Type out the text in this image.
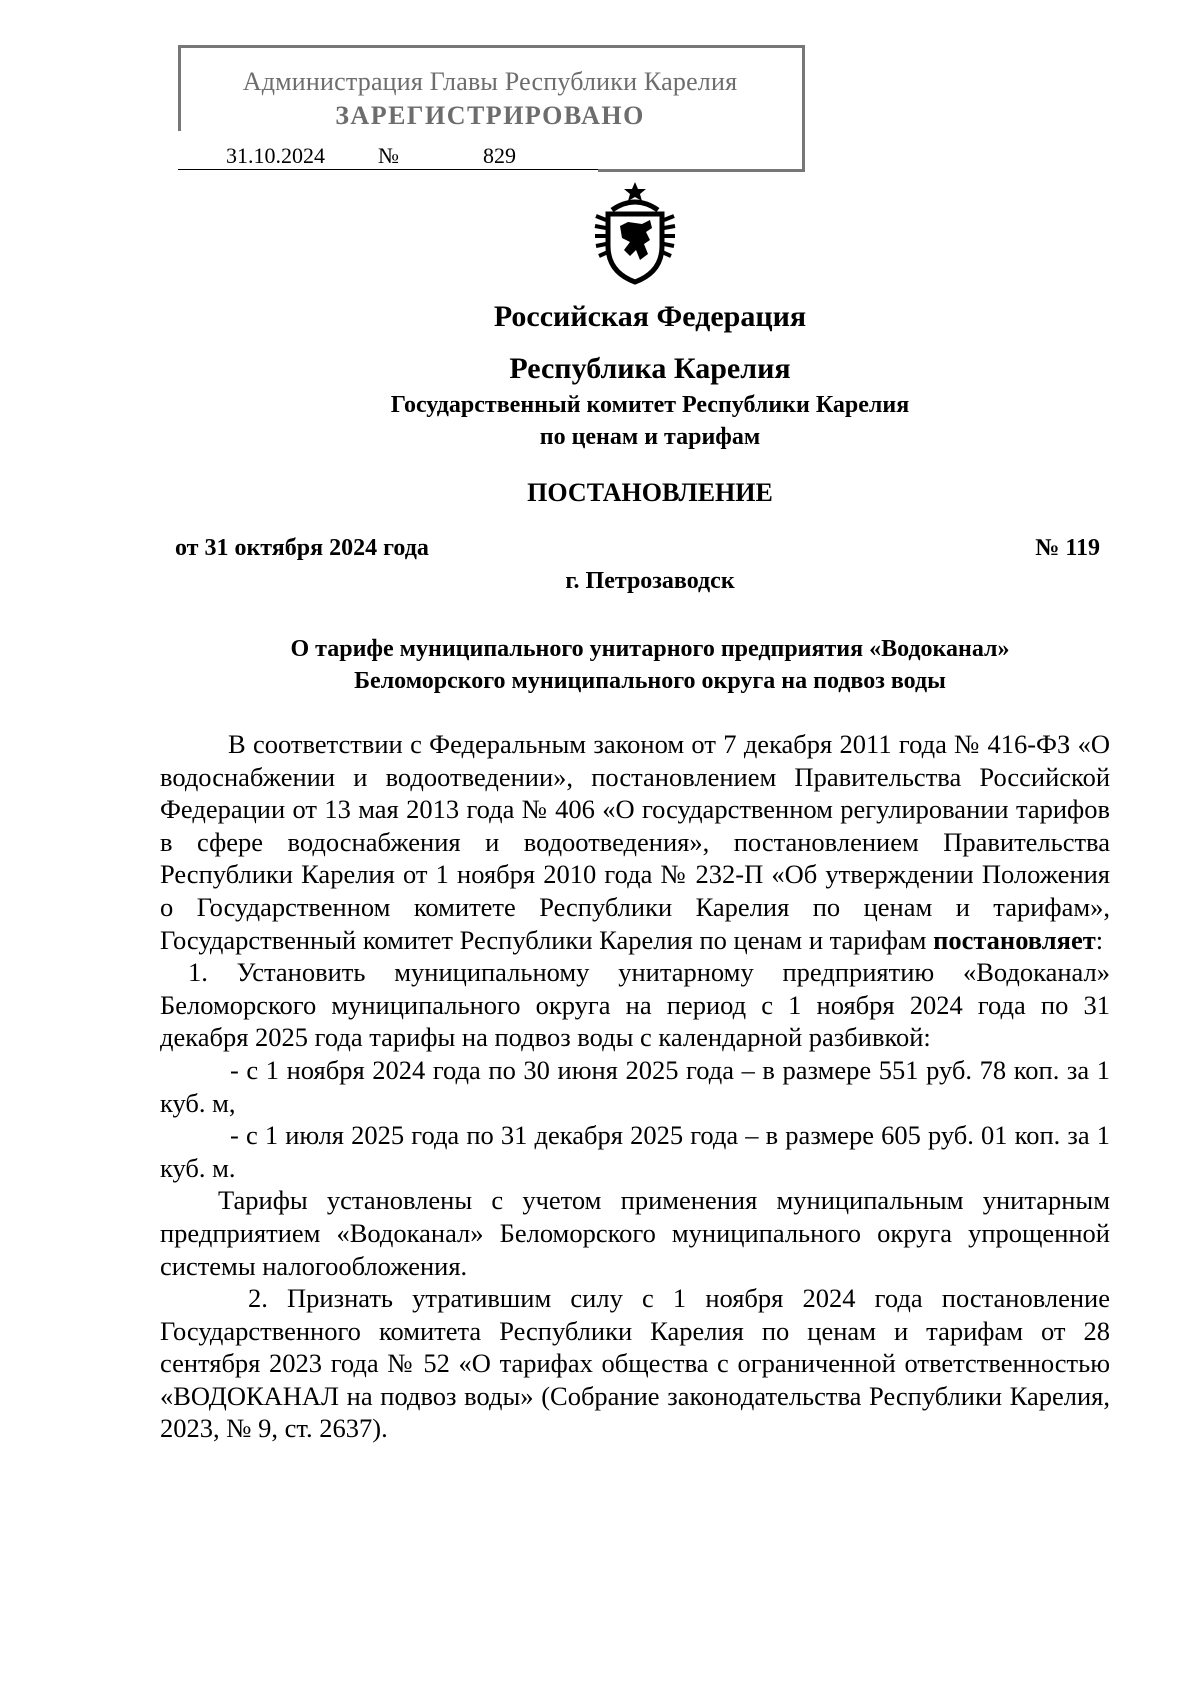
Администрация Главы Республики Карелия
ЗАРЕГИСТРИРОВАНО
31.10.2024 №	829
Российская Федерация
Республика Карелия
Государственный комитет Республики Карелия
по ценам и тарифам
ПОСТАНОВЛЕНИЕ
от 31 октября 2024 года	№ 119
г. Петрозаводск
О тарифе муниципального унитарного предприятия «Водоканал»
Беломорского муниципального округа на подвоз воды

В соответствии с Федеральным законом от 7 декабря 2011 года № 416-ФЗ «О водоснабжении и водоотведении», постановлением Правительства Российской Федерации от 13 мая 2013 года № 406 «О государственном регулировании тарифов в сфере водоснабжения и водоотведения», постановлением Правительства Республики Карелия от 1 ноября 2010 года № 232-П «Об утверждении Положения о Государственном комитете Республики Карелия по ценам и тарифам», Государственный комитет Республики Карелия по ценам и тарифам постановляет:

1. Установить муниципальному унитарному предприятию «Водоканал» Беломорского муниципального округа на период с 1 ноября 2024 года по 31 декабря 2025 года тарифы на подвоз воды с календарной разбивкой:

- с 1 ноября 2024 года по 30 июня 2025 года – в размере 551 руб. 78 коп. за 1 куб. м,

- с 1 июля 2025 года по 31 декабря 2025 года – в размере 605 руб. 01 коп. за 1 куб. м.

Тарифы установлены с учетом применения муниципальным унитарным предприятием «Водоканал» Беломорского муниципального округа упрощенной системы налогообложения.

2. Признать утратившим силу с 1 ноября 2024 года постановление Государственного комитета Республики Карелия по ценам и тарифам от 28 сентября 2023 года № 52 «О тарифах общества с ограниченной ответственностью «ВОДОКАНАЛ на подвоз воды» (Собрание законодательства Республики Карелия, 2023, № 9, ст. 2637).
